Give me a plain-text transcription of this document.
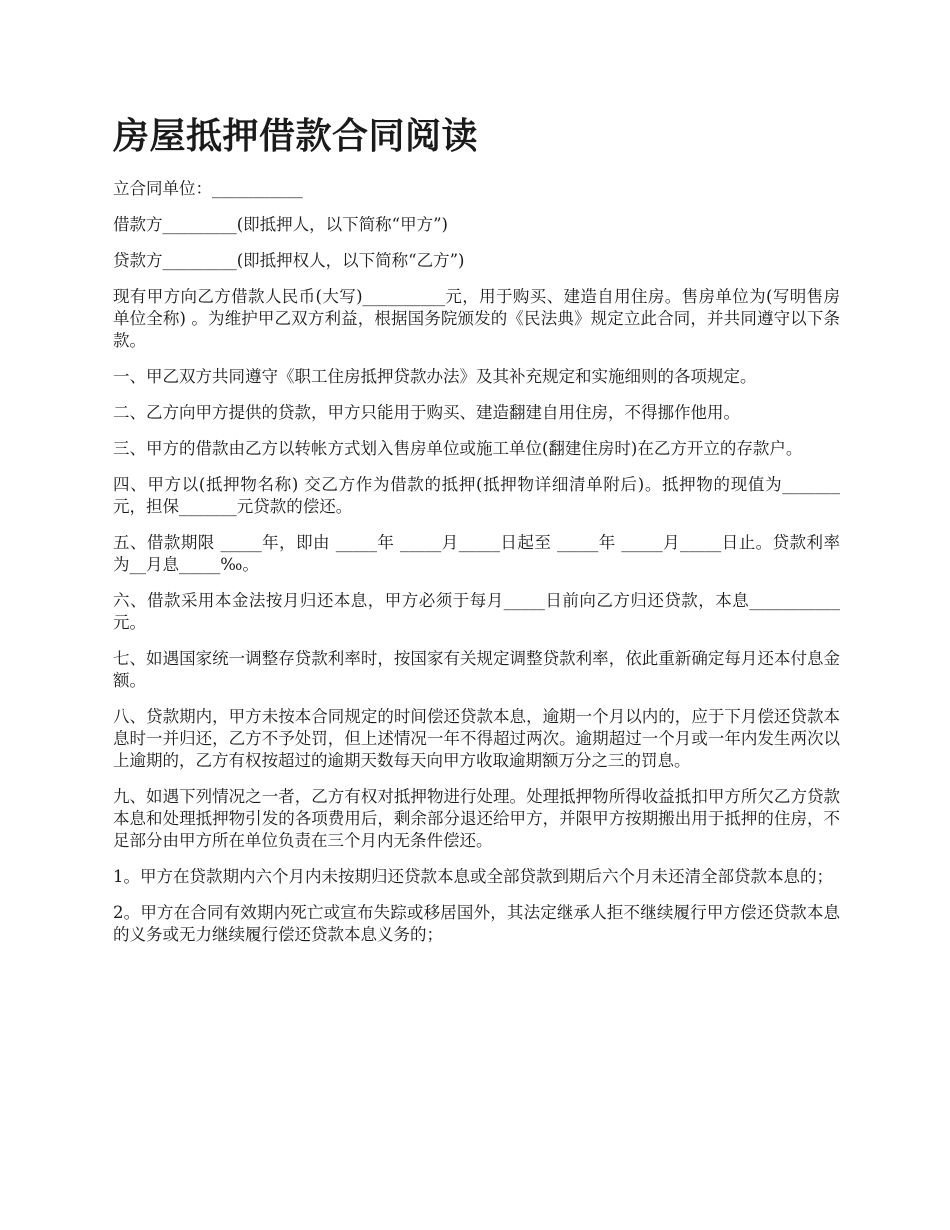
房屋抵押借款合同阅读

立合同单位：___________

借款方_________(即抵押人，以下简称“甲方”)

贷款方_________(即抵押权人，以下简称“乙方”)

现有甲方向乙方借款人民币(大写)__________元，用于购买、建造自用住房。售房单位为(写明售房单位全称) 。为维护甲乙双方利益，根据国务院颁发的《民法典》规定立此合同，并共同遵守以下条款。

一、甲乙双方共同遵守《职工住房抵押贷款办法》及其补充规定和实施细则的各项规定。

二、乙方向甲方提供的贷款，甲方只能用于购买、建造翻建自用住房，不得挪作他用。

三、甲方的借款由乙方以转帐方式划入售房单位或施工单位(翻建住房时)在乙方开立的存款户。

四、甲方以(抵押物名称) 交乙方作为借款的抵押(抵押物详细清单附后)。抵押物的现值为_______元，担保_______元贷款的偿还。

五、借款期限 _____年，即由 _____年 _____月_____日起至 _____年 _____月_____日止。贷款利率为__月息_____‰。

六、借款采用本金法按月归还本息，甲方必须于每月_____日前向乙方归还贷款，本息___________元。

七、如遇国家统一调整存贷款利率时，按国家有关规定调整贷款利率，依此重新确定每月还本付息金额。

八、贷款期内，甲方未按本合同规定的时间偿还贷款本息，逾期一个月以内的，应于下月偿还贷款本息时一并归还，乙方不予处罚，但上述情况一年不得超过两次。逾期超过一个月或一年内发生两次以上逾期的，乙方有权按超过的逾期天数每天向甲方收取逾期额万分之三的罚息。

九、如遇下列情况之一者，乙方有权对抵押物进行处理。处理抵押物所得收益抵扣甲方所欠乙方贷款本息和处理抵押物引发的各项费用后，剩余部分退还给甲方，并限甲方按期搬出用于抵押的住房，不足部分由甲方所在单位负责在三个月内无条件偿还。

1。甲方在贷款期内六个月内未按期归还贷款本息或全部贷款到期后六个月未还清全部贷款本息的；

2。甲方在合同有效期内死亡或宣布失踪或移居国外，其法定继承人拒不继续履行甲方偿还贷款本息的义务或无力继续履行偿还贷款本息义务的；
